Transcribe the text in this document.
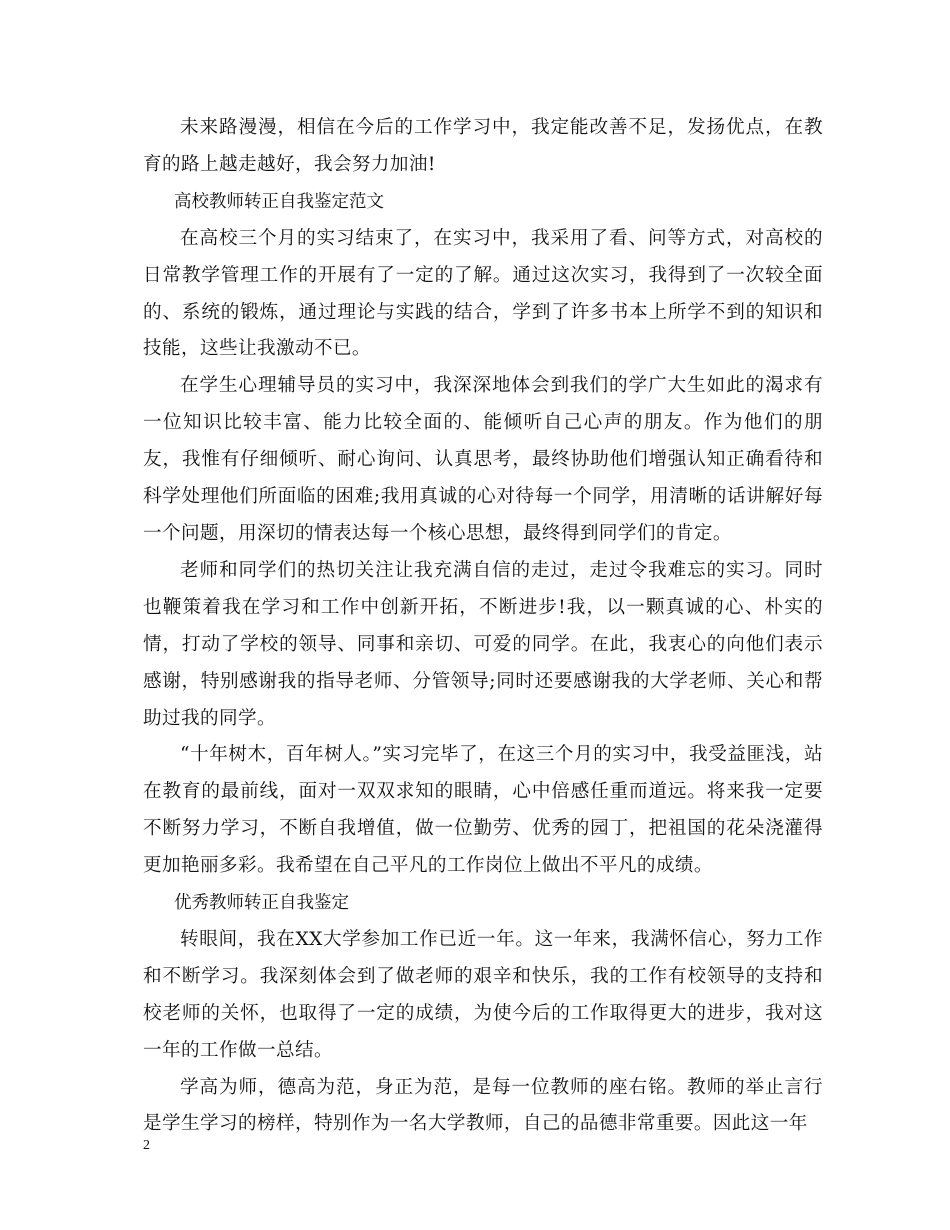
未来路漫漫，相信在今后的工作学习中，我定能改善不足，发扬优点，在教育的路上越走越好，我会努力加油!

高校教师转正自我鉴定范文

在高校三个月的实习结束了，在实习中，我采用了看、问等方式，对高校的日常教学管理工作的开展有了一定的了解。通过这次实习，我得到了一次较全面的、系统的锻炼，通过理论与实践的结合，学到了许多书本上所学不到的知识和技能，这些让我激动不已。

在学生心理辅导员的实习中，我深深地体会到我们的学广大生如此的渴求有一位知识比较丰富、能力比较全面的、能倾听自己心声的朋友。作为他们的朋友，我惟有仔细倾听、耐心询问、认真思考，最终协助他们增强认知正确看待和科学处理他们所面临的困难;我用真诚的心对待每一个同学，用清晰的话讲解好每一个问题，用深切的情表达每一个核心思想，最终得到同学们的肯定。

老师和同学们的热切关注让我充满自信的走过，走过令我难忘的实习。同时也鞭策着我在学习和工作中创新开拓，不断进步!我，以一颗真诚的心、朴实的情，打动了学校的领导、同事和亲切、可爱的同学。在此，我衷心的向他们表示感谢，特别感谢我的指导老师、分管领导;同时还要感谢我的大学老师、关心和帮助过我的同学。

“十年树木，百年树人。”实习完毕了，在这三个月的实习中，我受益匪浅，站在教育的最前线，面对一双双求知的眼睛，心中倍感任重而道远。将来我一定要不断努力学习，不断自我增值，做一位勤劳、优秀的园丁，把祖国的花朵浇灌得更加艳丽多彩。我希望在自己平凡的工作岗位上做出不平凡的成绩。

优秀教师转正自我鉴定

转眼间，我在XX大学参加工作已近一年。这一年来，我满怀信心，努力工作和不断学习。我深刻体会到了做老师的艰辛和快乐，我的工作有校领导的支持和校老师的关怀，也取得了一定的成绩，为使今后的工作取得更大的进步，我对这一年的工作做一总结。

学高为师，德高为范，身正为范，是每一位教师的座右铭。教师的举止言行是学生学习的榜样，特别作为一名大学教师，自己的品德非常重要。因此这一年

2
